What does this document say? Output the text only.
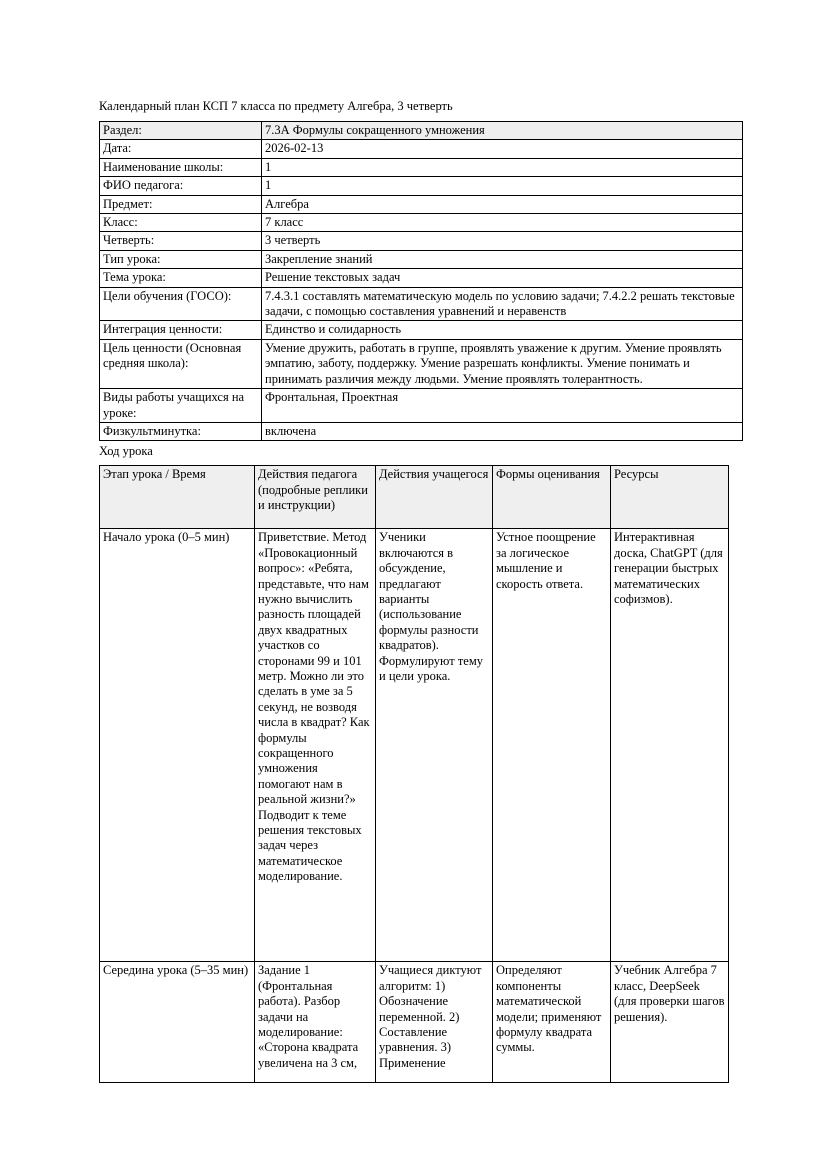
Календарный план КСП 7 класса по предмету Алгебра, 3 четверть

Раздел:	7.3А Формулы сокращенного умножения
Дата:	2026-02-13
Наименование школы:	1
ФИО педагога:	1
Предмет:	Алгебра
Класс:	7 класс
Четверть:	3 четверть
Тип урока:	Закрепление знаний
Тема урока:	Решение текстовых задач
Цели обучения (ГОСО):	7.4.3.1 составлять математическую модель по условию задачи; 7.4.2.2 решать текстовые задачи, с помощью составления уравнений и неравенств
Интеграция ценности:	Единство и солидарность
Цель ценности (Основная средняя школа):	Умение дружить, работать в группе, проявлять уважение к другим. Умение проявлять эмпатию, заботу, поддержку. Умение разрешать конфликты. Умение понимать и принимать различия между людьми. Умение проявлять толерантность.
Виды работы учащихся на уроке:	Фронтальная, Проектная
Физкультминутка:	включена

Ход урока

Этап урока / Время	Действия педагога (подробные реплики и инструкции)	Действия учащегося	Формы оценивания	Ресурсы
Начало урока (0–5 мин)	Приветствие. Метод «Провокационный вопрос»: «Ребята, представьте, что нам нужно вычислить разность площадей двух квадратных участков со сторонами 99 и 101 метр. Можно ли это сделать в уме за 5 секунд, не возводя числа в квадрат? Как формулы сокращенного умножения помогают нам в реальной жизни?» Подводит к теме решения текстовых задач через математическое моделирование.	Ученики включаются в обсуждение, предлагают варианты (использование формулы разности квадратов). Формулируют тему и цели урока.	Устное поощрение за логическое мышление и скорость ответа.	Интерактивная доска, ChatGPT (для генерации быстрых математических софизмов).
Середина урока (5–35 мин)	Задание 1 (Фронтальная работа). Разбор задачи на моделирование: «Сторона квадрата увеличена на 3 см,	Учащиеся диктуют алгоритм: 1) Обозначение переменной. 2) Составление уравнения. 3) Применение	Определяют компоненты математической модели; применяют формулу квадрата суммы.	Учебник Алгебра 7 класс, DeepSeek (для проверки шагов решения).
